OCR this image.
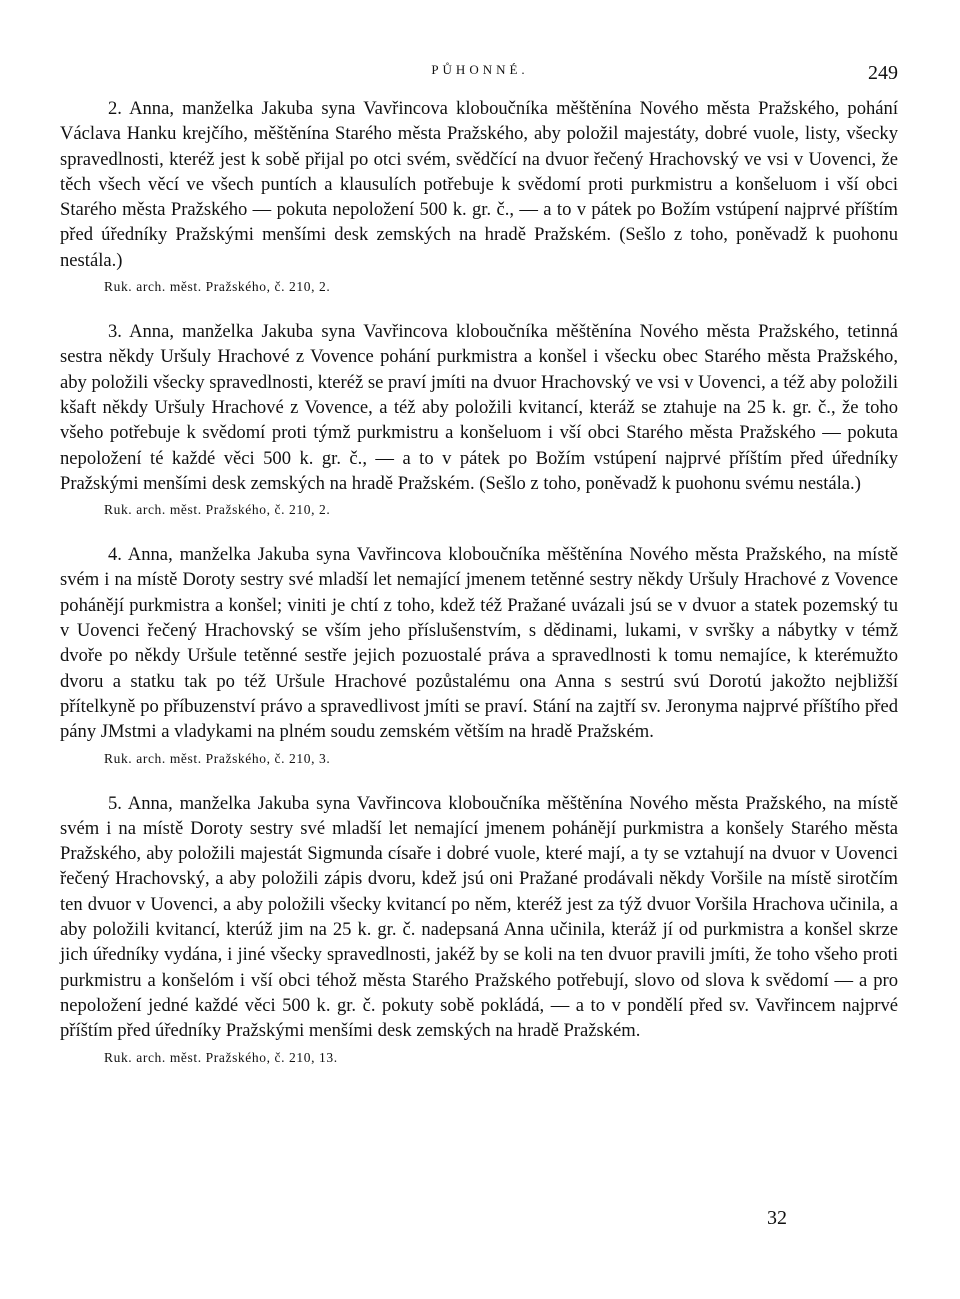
PŮHONNÉ.	249

2. Anna, manželka Jakuba syna Vavřincova kloboučníka měštěnína Nového města Pražského, pohání Václava Hanku krejčího, měštěnína Starého města Pražského, aby položil majestáty, dobré vuole, listy, všecky spravedlnosti, kteréž jest k sobě přijal po otci svém, svědčící na dvuor řečený Hrachovský ve vsi v Uovenci, že těch všech věcí ve všech puntích a klausulích potřebuje k svědomí proti purkmistru a konšeluom i vší obci Starého města Pražského — pokuta nepoložení 500 k. gr. č., — a to v pátek po Božím vstúpení najprvé příštím před úředníky Pražskými menšími desk zemských na hradě Pražském. (Sešlo z toho, poněvadž k puohonu nestála.)

Ruk. arch. měst. Pražského, č. 210, 2.

3. Anna, manželka Jakuba syna Vavřincova kloboučníka měštěnína Nového města Pražského, tetinná sestra někdy Uršuly Hrachové z Vovence pohání purkmistra a konšel i všecku obec Starého města Pražského, aby položili všecky spravedlnosti, kteréž se praví jmíti na dvuor Hrachovský ve vsi v Uovenci, a též aby položili kšaft někdy Uršuly Hrachové z Vovence, a též aby položili kvitancí, kteráž se ztahuje na 25 k. gr. č., že toho všeho potřebuje k svědomí proti týmž purkmistru a konšeluom i vší obci Starého města Pražského — pokuta nepoložení té každé věci 500 k. gr. č., — a to v pátek po Božím vstúpení najprvé příštím před úředníky Pražskými menšími desk zemských na hradě Pražském. (Sešlo z toho, poněvadž k puohonu svému nestála.)

Ruk. arch. měst. Pražského, č. 210, 2.

4. Anna, manželka Jakuba syna Vavřincova kloboučníka měštěnína Nového města Pražského, na místě svém i na místě Doroty sestry své mladší let nemající jmenem tetěnné sestry někdy Uršuly Hrachové z Vovence pohánějí purkmistra a konšel; viniti je chtí z toho, kdež též Pražané uvázali jsú se v dvuor a statek pozemský tu v Uovenci řečený Hrachovský se vším jeho příslušenstvím, s dědinami, lukami, v svršky a nábytky v témž dvoře po někdy Uršule tetěnné sestře jejich pozuostalé práva a spravedlnosti k tomu nemajíce, k kterémužto dvoru a statku tak po též Uršule Hrachové pozůstalému ona Anna s sestrú svú Dorotú jakožto nejbližší přítelkyně po příbuzenství právo a spravedlivost jmíti se praví. Stání na zajtří sv. Jeronyma najprvé příštího před pány JMstmi a vladykami na plném soudu zemském větším na hradě Pražském.

Ruk. arch. měst. Pražského, č. 210, 3.

5. Anna, manželka Jakuba syna Vavřincova kloboučníka měštěnína Nového města Pražského, na místě svém i na místě Doroty sestry své mladší let nemající jmenem pohánějí purkmistra a konšely Starého města Pražského, aby položili majestát Sigmunda císaře i dobré vuole, které mají, a ty se vztahují na dvuor v Uovenci řečený Hrachovský, a aby položili zápis dvoru, kdež jsú oni Pražané prodávali někdy Voršile na místě sirotčím ten dvuor v Uovenci, a aby položili všecky kvitancí po něm, kteréž jest za týž dvuor Voršila Hrachova učinila, a aby položili kvitancí, kterúž jim na 25 k. gr. č. nadepsaná Anna učinila, kteráž jí od purkmistra a konšel skrze jich úředníky vydána, i jiné všecky spravedlnosti, jakéž by se koli na ten dvuor pravili jmíti, že toho všeho proti purkmistru a konšelóm i vší obci téhož města Starého Pražského potřebují, slovo od slova k svědomí — a pro nepoložení jedné každé věci 500 k. gr. č. pokuty sobě pokládá, — a to v pondělí před sv. Vavřincem najprvé příštím před úředníky Pražskými menšími desk zemských na hradě Pražském.

Ruk. arch. měst. Pražského, č. 210, 13.
32
